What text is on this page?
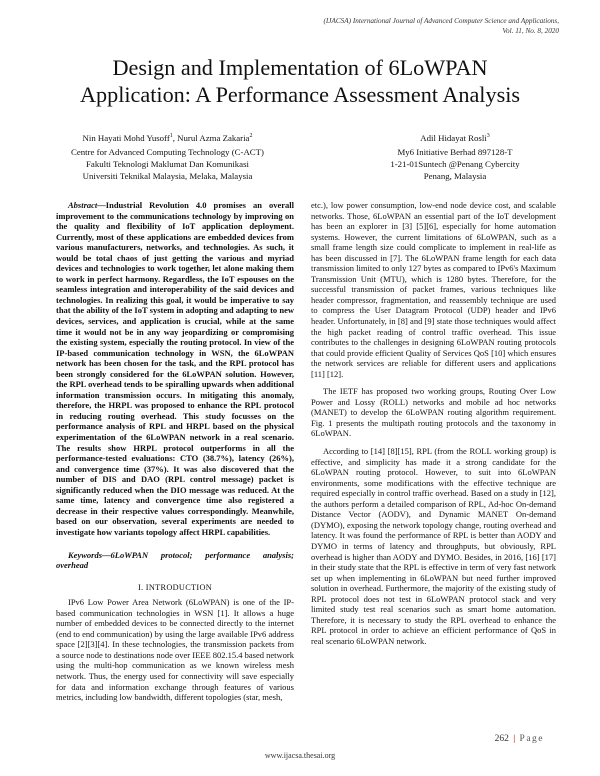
(IJACSA) International Journal of Advanced Computer Science and Applications,
Vol. 11, No. 8, 2020
Design and Implementation of 6LoWPAN
Application: A Performance Assessment Analysis
Nin Hayati Mohd Yusoff$^1$, Nurul Azma Zakaria$^2$
Centre for Advanced Computing Technology (C-ACT)
Fakulti Teknologi Maklumat Dan Komunikasi
Universiti Teknikal Malaysia, Melaka, Malaysia
Adil Hidayat Rosli$^3$
My6 Initiative Berhad 897128-T
1-21-01Suntech @Penang Cybercity
Penang, Malaysia

Abstract—Industrial Revolution 4.0 promises an overall improvement to the communications technology by improving on the quality and flexibility of IoT application deployment. Currently, most of these applications are embedded devices from various manufacturers, networks, and technologies. As such, it would be total chaos of just getting the various and myriad devices and technologies to work together, let alone making them to work in perfect harmony. Regardless, the IoT espouses on the seamless integration and interoperability of the said devices and technologies. In realizing this goal, it would be imperative to say that the ability of the IoT system in adopting and adapting to new devices, services, and application is crucial, while at the same time it would not be in any way jeopardizing or compromising the existing system, especially the routing protocol. In view of the IP-based communication technology in WSN, the 6LoWPAN network has been chosen for the task, and the RPL protocol has been strongly considered for the 6LoWPAN solution. However, the RPL overhead tends to be spiralling upwards when additional information transmission occurs. In mitigating this anomaly, therefore, the HRPL was proposed to enhance the RPL protocol in reducing routing overhead. This study focusses on the performance analysis of RPL and HRPL based on the physical experimentation of the 6LoWPAN network in a real scenario. The results show HRPL protocol outperforms in all the performance-tested evaluations: CTO (38.7%), latency (26%), and convergence time (37%). It was also discovered that the number of DIS and DAO (RPL control message) packet is significantly reduced when the DIO message was reduced. At the same time, latency and convergence time also registered a decrease in their respective values correspondingly. Meanwhile, based on our observation, several experiments are needed to investigate how variants topology affect HRPL capabilities.

Keywords—6LoWPAN protocol; performance analysis; overhead

I. INTRODUCTION

IPv6 Low Power Area Network (6LoWPAN) is one of the IP-based communication technologies in WSN [1]. It allows a huge number of embedded devices to be connected directly to the internet (end to end communication) by using the large available IPv6 address space [2][3][4]. In these technologies, the transmission packets from a source node to destinations node over IEEE 802.15.4 based network using the multi-hop communication as we known wireless mesh network. Thus, the energy used for connectivity will save especially for data and information exchange through features of various metrics, including low bandwidth, different topologies (star, mesh,

etc.), low power consumption, low-end node device cost, and scalable networks. Those, 6LoWPAN an essential part of the IoT development has been an explorer in [3] [5][6], especially for home automation systems. However, the current limitations of 6LoWPAN, such as a small frame length size could complicate to implement in real-life as has been discussed in [7]. The 6LoWPAN frame length for each data transmission limited to only 127 bytes as compared to IPv6's Maximum Transmission Unit (MTU), which is 1280 bytes. Therefore, for the successful transmission of packet frames, various techniques like header compressor, fragmentation, and reassembly technique are used to compress the User Datagram Protocol (UDP) header and IPv6 header. Unfortunately, in [8] and [9] state those techniques would affect the high packet reading of control traffic overhead. This issue contributes to the challenges in designing 6LoWPAN routing protocols that could provide efficient Quality of Services QoS [10] which ensures the network services are reliable for different users and applications [11] [12].

The IETF has proposed two working groups, Routing Over Low Power and Lossy (ROLL) networks and mobile ad hoc networks (MANET) to develop the 6LoWPAN routing algorithm requirement. Fig. 1 presents the multipath routing protocols and the taxonomy in 6LoWPAN.

According to [14] [8][15], RPL (from the ROLL working group) is effective, and simplicity has made it a strong candidate for the 6LoWPAN routing protocol. However, to suit into 6LoWPAN environments, some modifications with the effective technique are required especially in control traffic overhead. Based on a study in [12], the authors perform a detailed comparison of RPL, Ad-hoc On-demand Distance Vector (AODV), and Dynamic MANET On-demand (DYMO), exposing the network topology change, routing overhead and latency. It was found the performance of RPL is better than AODY and DYMO in terms of latency and throughputs, but obviously, RPL overhead is higher than AODY and DYMO. Besides, in 2016, [16] [17] in their study state that the RPL is effective in term of very fast network set up when implementing in 6LoWPAN but need further improved solution in overhead. Furthermore, the majority of the existing study of RPL protocol does not test in 6LoWPAN protocol stack and very limited study test real scenarios such as smart home automation. Therefore, it is necessary to study the RPL overhead to enhance the RPL protocol in order to achieve an efficient performance of QoS in real scenario 6LoWPAN network.

262 | Page
www.ijacsa.thesai.org
